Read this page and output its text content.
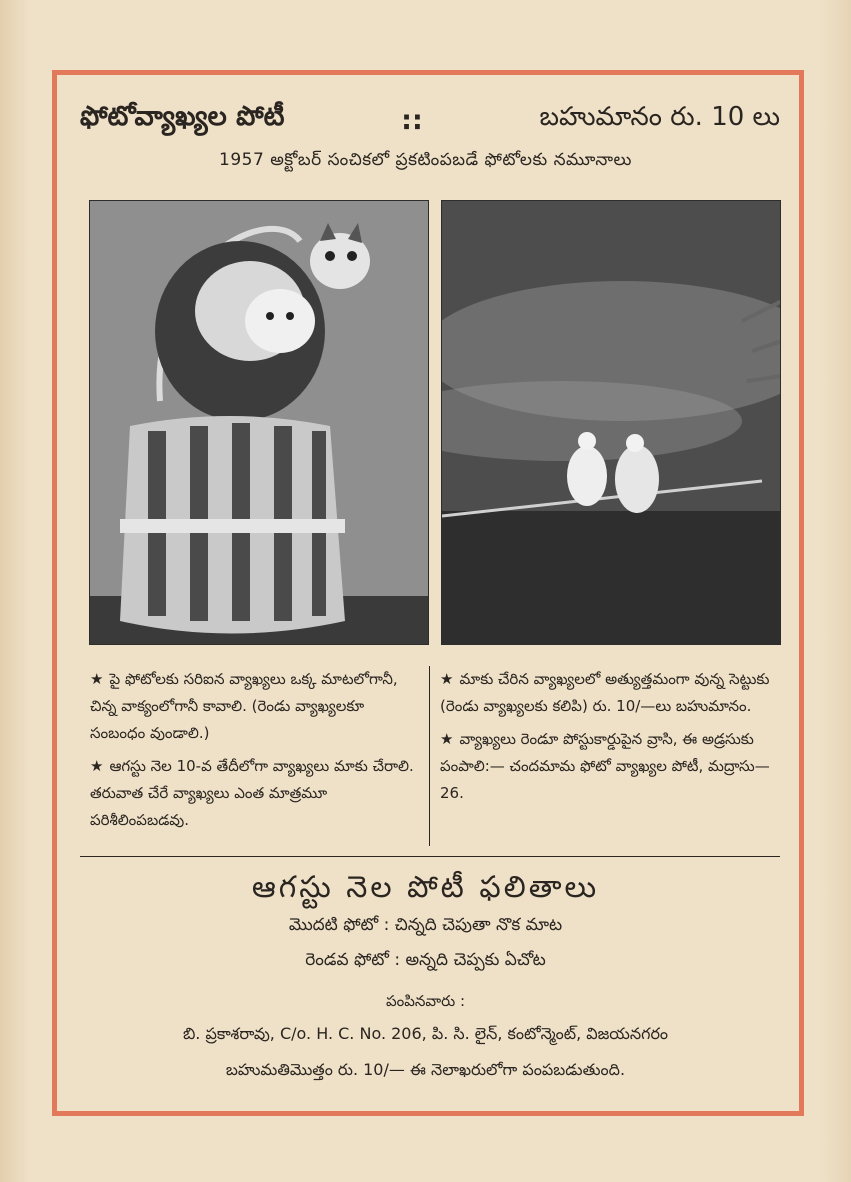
ఫోటోవ్యాఖ్యల పోటీ	::	బహుమానం రు. 10 లు
1957 అక్టోబర్ సంచికలో ప్రకటింపబడే ఫోటోలకు నమూనాలు
★ పై ఫోటోలకు సరిఐన వ్యాఖ్యలు ఒక్క మాటలోగానీ, చిన్న వాక్యంలోగానీ కావాలి. (రెండు వ్యాఖ్యలకూ సంబంధం వుండాలి.)
★ ఆగస్టు నెల 10-వ తేదీలోగా వ్యాఖ్యలు మాకు చేరాలి. తరువాత చేరే వ్యాఖ్యలు ఎంత మాత్రమూ పరిశీలింపబడవు.
★ మాకు చేరిన వ్యాఖ్యలలో అత్యుత్తమంగా వున్న సెట్టుకు (రెండు వ్యాఖ్యలకు కలిపి) రు. 10/—లు బహుమానం.
★ వ్యాఖ్యలు రెండూ పోస్టుకార్డుపైన వ్రాసి, ఈ అడ్రసుకు పంపాలి:— చందమామ ఫోటో వ్యాఖ్యల పోటీ, మద్రాసు—26.
ఆగస్టు నెల పోటీ ఫలితాలు
మొదటి ఫోటో : చిన్నది చెపుతా నొక మాట
రెండవ ఫోటో : అన్నది చెప్పకు ఏచోట
పంపినవారు :
బి. ప్రకాశరావు, C/o. H. C. No. 206, పి. సి. లైన్, కంటోన్మెంట్, విజయనగరం
బహుమతిమొత్తం రు. 10/— ఈ నెలాఖరులోగా పంపబడుతుంది.
